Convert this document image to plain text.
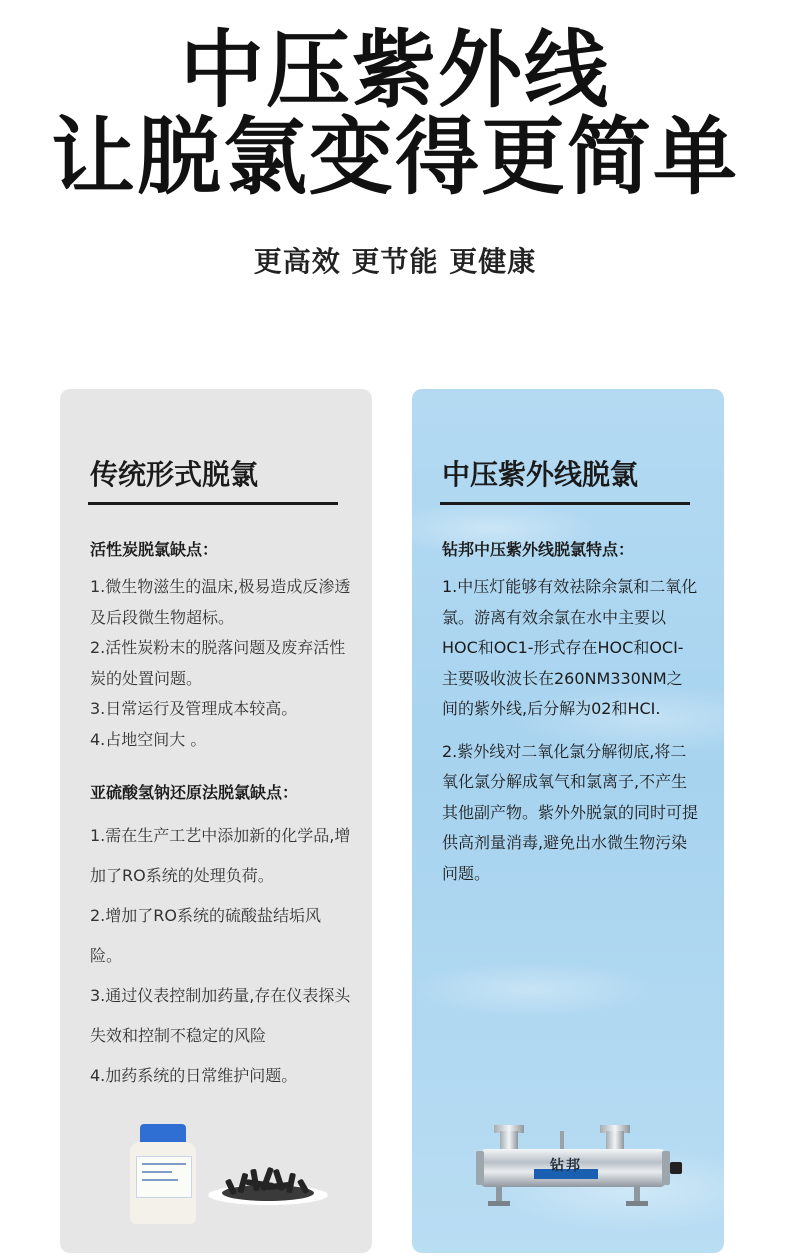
中压紫外线
让脱氯变得更简单
更高效 更节能 更健康
传统形式脱氯
活性炭脱氯缺点：
1.微生物滋生的温床,极易造成反渗透及后段微生物超标。
2.活性炭粉末的脱落问题及废弃活性炭的处置问题。
3.日常运行及管理成本较高。
4.占地空间大 。
亚硫酸氢钠还原法脱氯缺点：
1.需在生产工艺中添加新的化学品,增加了RO系统的处理负荷。
2.增加了RO系统的硫酸盐结垢风险。
3.通过仪表控制加药量,存在仪表探头失效和控制不稳定的风险
4.加药系统的日常维护问题。
中压紫外线脱氯
钻邦中压紫外线脱氯特点：
1.中压灯能够有效祛除余氯和二氧化氯。游离有效余氯在水中主要以HOC和OC1-形式存在HOC和OCI-主要吸收波长在260NM330NM之间的紫外线,后分解为02和HCI.
2.紫外线对二氧化氯分解彻底,将二氧化氯分解成氧气和氯离子,不产生其他副产物。紫外外脱氯的同时可提供高剂量消毒,避免出水微生物污染问题。
钻邦
